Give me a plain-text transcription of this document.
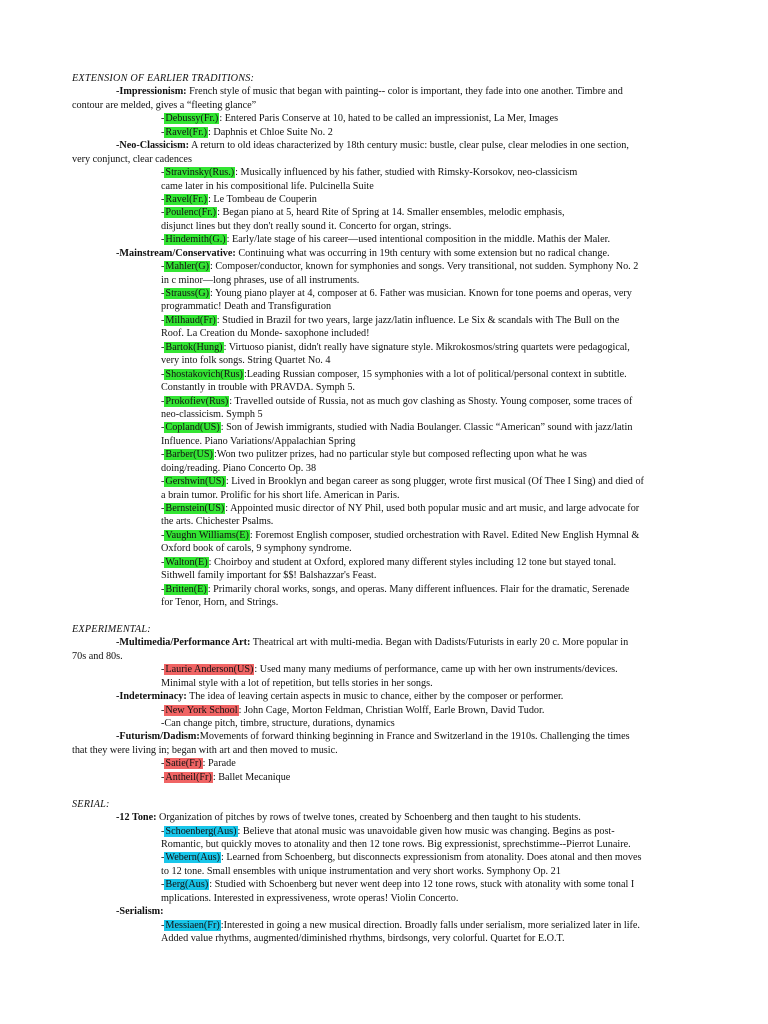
EXTENSION OF EARLIER TRADITIONS:
-Impressionism: French style of music that began with painting-- color is important, they fade into one another. Timbre and
contour are melded, gives a “fleeting glance”
-Debussy(Fr.): Entered Paris Conserve at 10, hated to be called an impressionist, La Mer, Images
-Ravel(Fr.): Daphnis et Chloe Suite No. 2
-Neo-Classicism: A return to old ideas characterized by 18th century music: bustle, clear pulse, clear melodies in one section,
very conjunct, clear cadences
-Stravinsky(Rus.): Musically influenced by his father, studied with Rimsky-Korsokov, neo-classicism
came later in his compositional life. Pulcinella Suite
-Ravel(Fr.): Le Tombeau de Couperin
-Poulenc(Fr.): Began piano at 5, heard Rite of Spring at 14. Smaller ensembles, melodic emphasis,
disjunct lines but they don't really sound it. Concerto for organ, strings.
-Hindemith(G.): Early/late stage of his career—used intentional composition in the middle. Mathis der Maler.
-Mainstream/Conservative: Continuing what was occurring in 19th century with some extension but no radical change.
-Mahler(G): Composer/conductor, known for symphonies and songs. Very transitional, not sudden. Symphony No. 2
in c minor—long phrases, use of all instruments.
-Strauss(G): Young piano player at 4, composer at 6. Father was musician. Known for tone poems and operas, very
programmatic! Death and Transfiguration
-Milhaud(Fr): Studied in Brazil for two years, large jazz/latin influence. Le Six & scandals with The Bull on the
Roof. La Creation du Monde- saxophone included!
-Bartok(Hung): Virtuoso pianist, didn't really have signature style. Mikrokosmos/string quartets were pedagogical,
very into folk songs. String Quartet No. 4
-Shostakovich(Rus):Leading Russian composer, 15 symphonies with a lot of political/personal context in subtitle.
Constantly in trouble with PRAVDA. Symph 5.
-Prokofiev(Rus): Travelled outside of Russia, not as much gov clashing as Shosty. Young composer, some traces of
neo-classicism. Symph 5
-Copland(US): Son of Jewish immigrants, studied with Nadia Boulanger. Classic “American” sound with jazz/latin
Influence. Piano Variations/Appalachian Spring
-Barber(US):Won two pulitzer prizes, had no particular style but composed reflecting upon what he was
doing/reading. Piano Concerto Op. 38
-Gershwin(US): Lived in Brooklyn and began career as song plugger, wrote first musical (Of Thee I Sing) and died of
a brain tumor. Prolific for his short life. American in Paris.
-Bernstein(US): Appointed music director of NY Phil, used both popular music and art music, and large advocate for
the arts. Chichester Psalms.
-Vaughn Williams(E): Foremost English composer, studied orchestration with Ravel. Edited New English Hymnal &
Oxford book of carols, 9 symphony syndrome.
-Walton(E): Choirboy and student at Oxford, explored many different styles including 12 tone but stayed tonal.
Sithwell family important for $$! Balshazzar's Feast.
-Britten(E): Primarily choral works, songs, and operas. Many different influences. Flair for the dramatic, Serenade
for Tenor, Horn, and Strings.
EXPERIMENTAL:
-Multimedia/Performance Art: Theatrical art with multi-media. Began with Dadists/Futurists in early 20 c. More popular in
70s and 80s.
-Laurie Anderson(US): Used many many mediums of performance, came up with her own instruments/devices.
Minimal style with a lot of repetition, but tells stories in her songs.
-Indeterminacy: The idea of leaving certain aspects in music to chance, either by the composer or performer.
-New York School: John Cage, Morton Feldman, Christian Wolff, Earle Brown, David Tudor.
-Can change pitch, timbre, structure, durations, dynamics
-Futurism/Dadism:Movements of forward thinking beginning in France and Switzerland in the 1910s. Challenging the times
that they were living in; began with art and then moved to music.
-Satie(Fr): Parade
-Antheil(Fr): Ballet Mecanique
SERIAL:
-12 Tone: Organization of pitches by rows of twelve tones, created by Schoenberg and then taught to his students.
-Schoenberg(Aus): Believe that atonal music was unavoidable given how music was changing. Begins as post-
Romantic, but quickly moves to atonality and then 12 tone rows. Big expressionist, sprechstimme--Pierrot Lunaire.
-Webern(Aus): Learned from Schoenberg, but disconnects expressionism from atonality. Does atonal and then moves
to 12 tone. Small ensembles with unique instrumentation and very short works. Symphony Op. 21
-Berg(Aus): Studied with Schoenberg but never went deep into 12 tone rows, stuck with atonality with some tonal I
mplications. Interested in expressiveness, wrote operas! Violin Concerto.
-Serialism:
-Messiaen(Fr):Interested in going a new musical direction. Broadly falls under serialism, more serialized later in life.
Added value rhythms, augmented/diminished rhythms, birdsongs, very colorful. Quartet for E.O.T.
